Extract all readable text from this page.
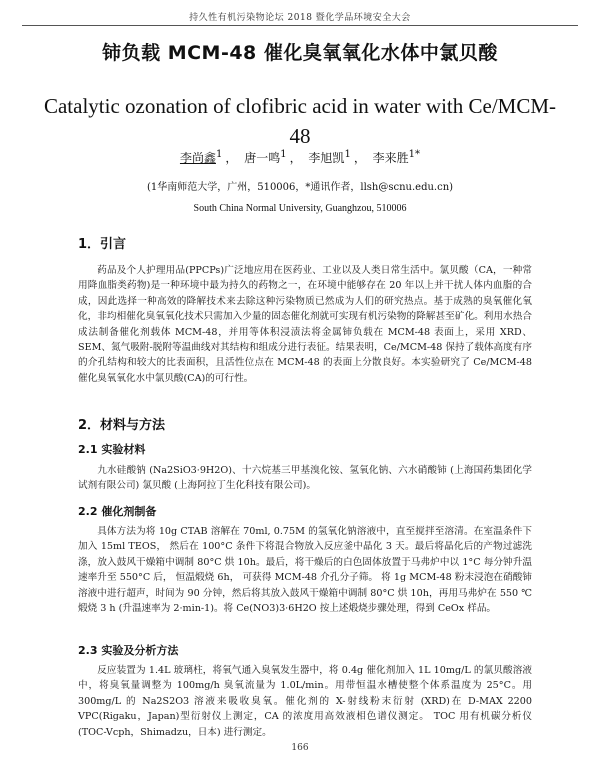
持久性有机污染物论坛 2018 暨化学品环境安全大会
铈负载 MCM-48 催化臭氧氧化水体中氯贝酸
Catalytic ozonation of clofibric acid in water with Ce/MCM-48
李尚鑫$^1$ ， 唐一鸣$^1$ ， 李旭凯$^1$ ， 李来胜$^{1*}$
(1华南师范大学，广州，510006，*通讯作者，llsh@scnu.edu.cn)
South China Normal University, Guanghzou, 510006
1．引言
药品及个人护理用品(PPCPs)广泛地应用在医药业、工业以及人类日常生活中。氯贝酸（CA，一种常用降血脂类药物)是一种环境中最为持久的药物之一，在环境中能够存在 20 年以上并干扰人体内血脂的合成，因此选择一种高效的降解技术来去除这种污染物质已然成为人们的研究热点。基于成熟的臭氧催化氧化，非均相催化臭氧氧化技术只需加入少量的固态催化剂就可实现有机污染物的降解甚至矿化。利用水热合成法制备催化剂载体 MCM-48，并用等体积浸渍法将金属铈负载在 MCM-48 表面上，采用 XRD、SEM、氮气吸附-脱附等温曲线对其结构和组成分进行表征。结果表明，Ce/MCM-48 保持了载体高度有序的介孔结构和较大的比表面积，且活性位点在 MCM-48 的表面上分散良好。本实验研究了 Ce/MCM-48 催化臭氧氧化水中氯贝酸(CA)的可行性。
2．材料与方法
2.1 实验材料
九水硅酸钠 (Na2SiO3·9H2O)、十六烷基三甲基溴化铵、氢氧化钠、六水硝酸铈 (上海国药集团化学试剂有限公司) 氯贝酸 (上海阿拉丁生化科技有限公司)。
2.2 催化剂制备
具体方法为将 10g CTAB 溶解在 70ml, 0.75M 的氢氧化钠溶液中，直至搅拌至溶清。在室温条件下加入 15ml TEOS， 然后在 100°C 条件下将混合物放入反应釜中晶化 3 天。最后将晶化后的产物过滤洗涤，放入鼓风干燥箱中调制 80°C 烘 10h。最后，将干燥后的白色固体放置于马弗炉中以 1°C 每分钟升温速率升至 550°C 后， 恒温煅烧 6h， 可获得 MCM-48 介孔分子筛。 将 1g MCM-48 粉末浸泡在硝酸铈溶液中进行超声，时间为 90 分钟，然后将其放入鼓风干燥箱中调制 80°C 烘 10h，再用马弗炉在 550 ℃煅烧 3 h (升温速率为 2·min-1)。将 Ce(NO3)3·6H2O 按上述煅烧步骤处理，得到 CeOx 样品。
2.3 实验及分析方法
反应装置为 1.4L 玻璃柱，将氧气通入臭氧发生器中，将 0.4g 催化剂加入 1L 10mg/L 的氯贝酸溶液中，将臭氧量调整为 100mg/h 臭氧流量为 1.0L/min。用带恒温水槽使整个体系温度为 25°C。用 300mg/L 的 Na2S2O3 溶液来吸收臭氧。催化剂的 X-射线粉末衍射 (XRD)在 D-MAX 2200 VPC(Rigaku，Japan)型衍射仪上测定，CA 的浓度用高效液相色谱仪测定。 TOC 用有机碳分析仪 (TOC-Vcph，Shimadzu，日本) 进行测定。
166
